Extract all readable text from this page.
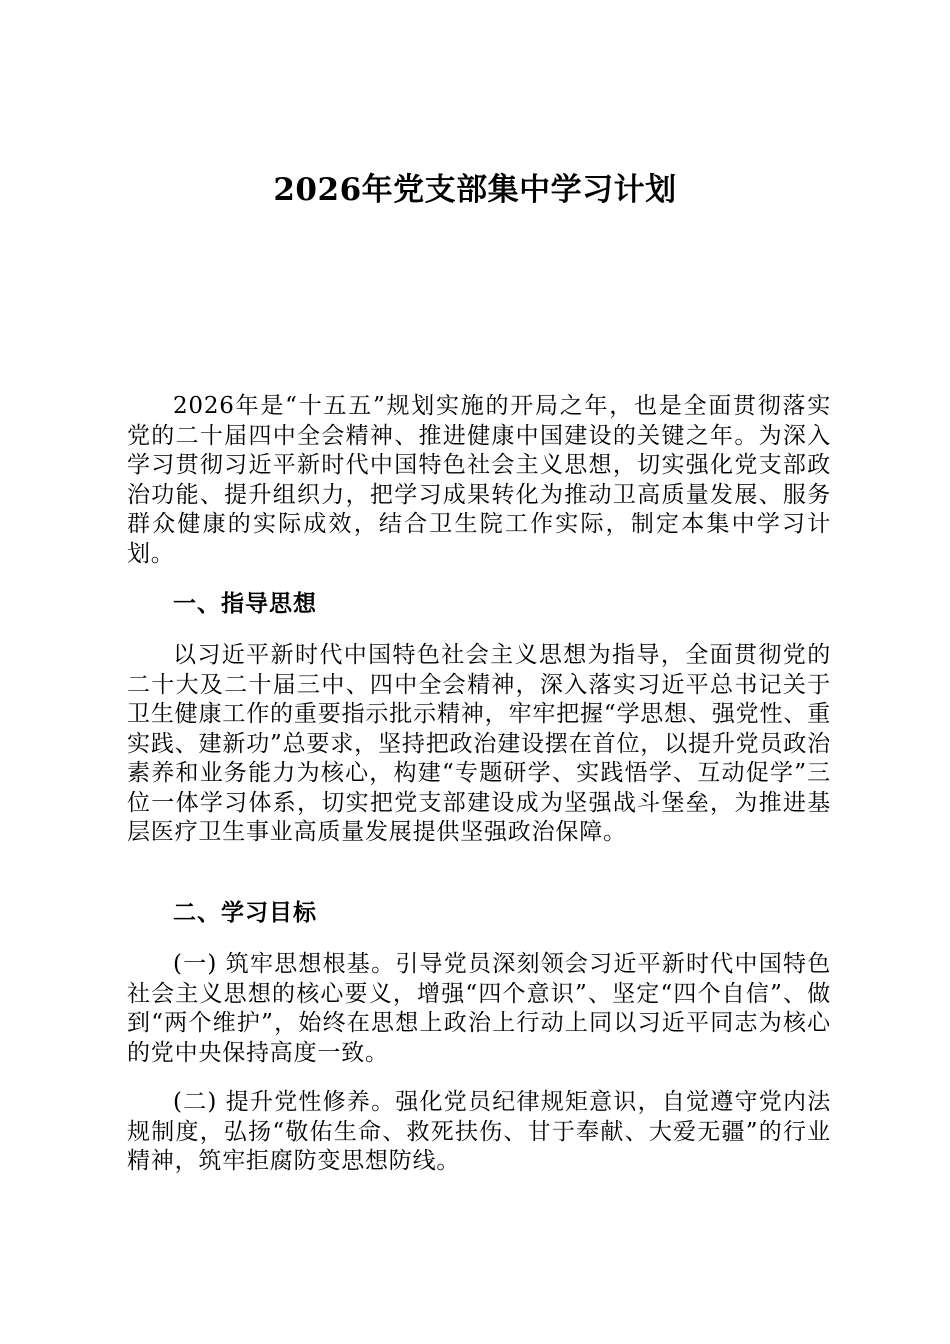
2026年党支部集中学习计划

2026年是“十五五”规划实施的开局之年，也是全面贯彻落实党的二十届四中全会精神、推进健康中国建设的关键之年。为深入学习贯彻习近平新时代中国特色社会主义思想，切实强化党支部政治功能、提升组织力，把学习成果转化为推动卫高质量发展、服务群众健康的实际成效，结合卫生院工作实际，制定本集中学习计划。

一、指导思想

以习近平新时代中国特色社会主义思想为指导，全面贯彻党的二十大及二十届三中、四中全会精神，深入落实习近平总书记关于卫生健康工作的重要指示批示精神，牢牢把握“学思想、强党性、重实践、建新功”总要求，坚持把政治建设摆在首位，以提升党员政治素养和业务能力为核心，构建“专题研学、实践悟学、互动促学”三位一体学习体系，切实把党支部建设成为坚强战斗堡垒，为推进基层医疗卫生事业高质量发展提供坚强政治保障。

二、学习目标

(一) 筑牢思想根基。引导党员深刻领会习近平新时代中国特色社会主义思想的核心要义，增强“四个意识”、坚定“四个自信”、做到“两个维护”，始终在思想上政治上行动上同以习近平同志为核心的党中央保持高度一致。

(二) 提升党性修养。强化党员纪律规矩意识，自觉遵守党内法规制度，弘扬“敬佑生命、救死扶伤、甘于奉献、大爱无疆”的行业精神，筑牢拒腐防变思想防线。
